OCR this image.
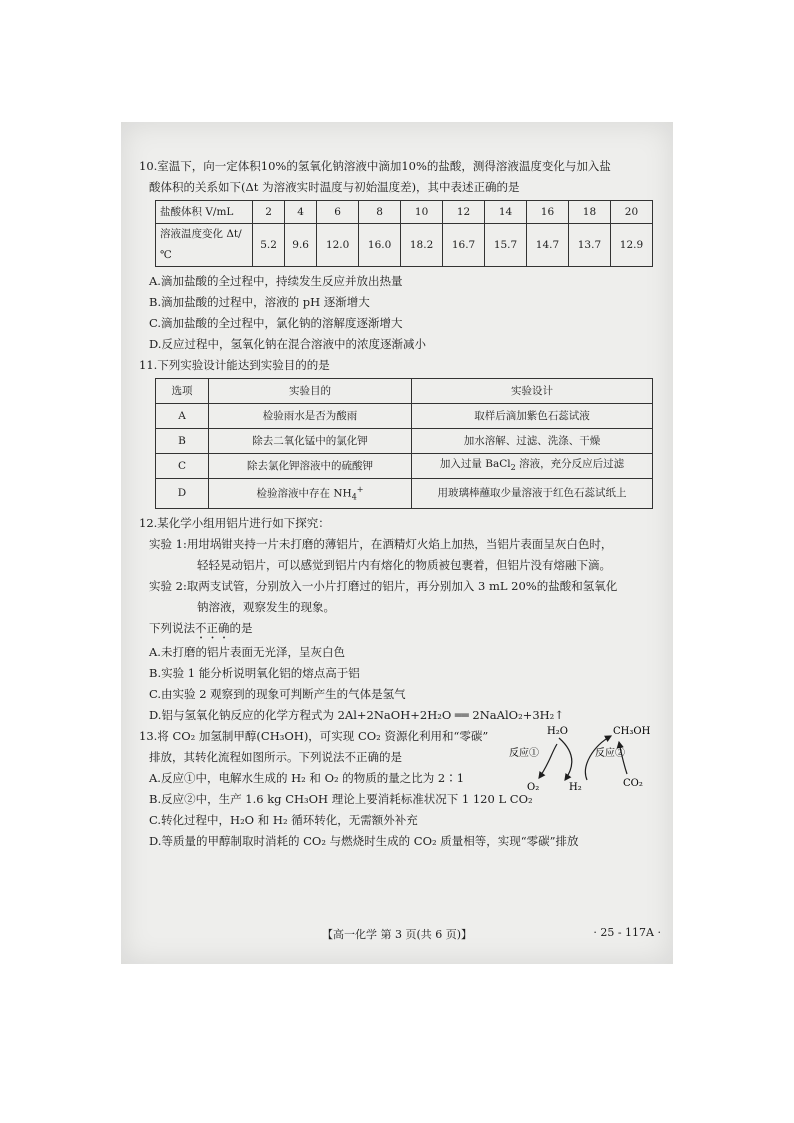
10.室温下，向一定体积10%的氢氧化钠溶液中滴加10%的盐酸，测得溶液温度变化与加入盐
酸体积的关系如下(Δt 为溶液实时温度与初始温度差)，其中表述正确的是
盐酸体积 V/mL	2	4	6	8	10	12	14	16	18	20
溶液温度变化 Δt/℃	5.2	9.6	12.0	16.0	18.2	16.7	15.7	14.7	13.7	12.9
A.滴加盐酸的全过程中，持续发生反应并放出热量
B.滴加盐酸的过程中，溶液的 pH 逐渐增大
C.滴加盐酸的全过程中，氯化钠的溶解度逐渐增大
D.反应过程中，氢氧化钠在混合溶液中的浓度逐渐减小
11.下列实验设计能达到实验目的的是
选项	实验目的	实验设计
A	检验雨水是否为酸雨	取样后滴加紫色石蕊试液
B	除去二氧化锰中的氯化钾	加水溶解、过滤、洗涤、干燥
C	除去氯化钾溶液中的硫酸钾	加入过量 BaCl$_2$ 溶液，充分反应后过滤
D	检验溶液中存在 $NH_4^+$	用玻璃棒蘸取少量溶液于红色石蕊试纸上
12.某化学小组用铝片进行如下探究：
实验 1:用坩埚钳夹持一片未打磨的薄铝片，在酒精灯火焰上加热，当铝片表面呈灰白色时，
轻轻晃动铝片，可以感觉到铝片内有熔化的物质被包裹着，但铝片没有熔融下滴。
实验 2:取两支试管，分别放入一小片打磨过的铝片，再分别加入 3 mL 20%的盐酸和氢氧化
钠溶液，观察发生的现象。
下列说法不正确的是
A.未打磨的铝片表面无光泽，呈灰白色
B.实验 1 能分析说明氧化铝的熔点高于铝
C.由实验 2 观察到的现象可判断产生的气体是氢气
D.铝与氢氧化钠反应的化学方程式为 2Al+2NaOH+2H₂O ══ 2NaAlO₂+3H₂↑
13.将 CO₂ 加氢制甲醇(CH₃OH)，可实现 CO₂ 资源化利用和“零碳”
排放，其转化流程如图所示。下列说法不正确的是
H₂O	CH₃OH
反应①	反应②
O₂	H₂	CO₂
A.反应①中，电解水生成的 H₂ 和 O₂ 的物质的量之比为 2∶1
B.反应②中，生产 1.6 kg CH₃OH 理论上要消耗标准状况下 1 120 L CO₂
C.转化过程中，H₂O 和 H₂ 循环转化，无需额外补充
D.等质量的甲醇制取时消耗的 CO₂ 与燃烧时生成的 CO₂ 质量相等，实现“零碳”排放
【高一化学 第 3 页(共 6 页)】	· 25 - 117A ·
